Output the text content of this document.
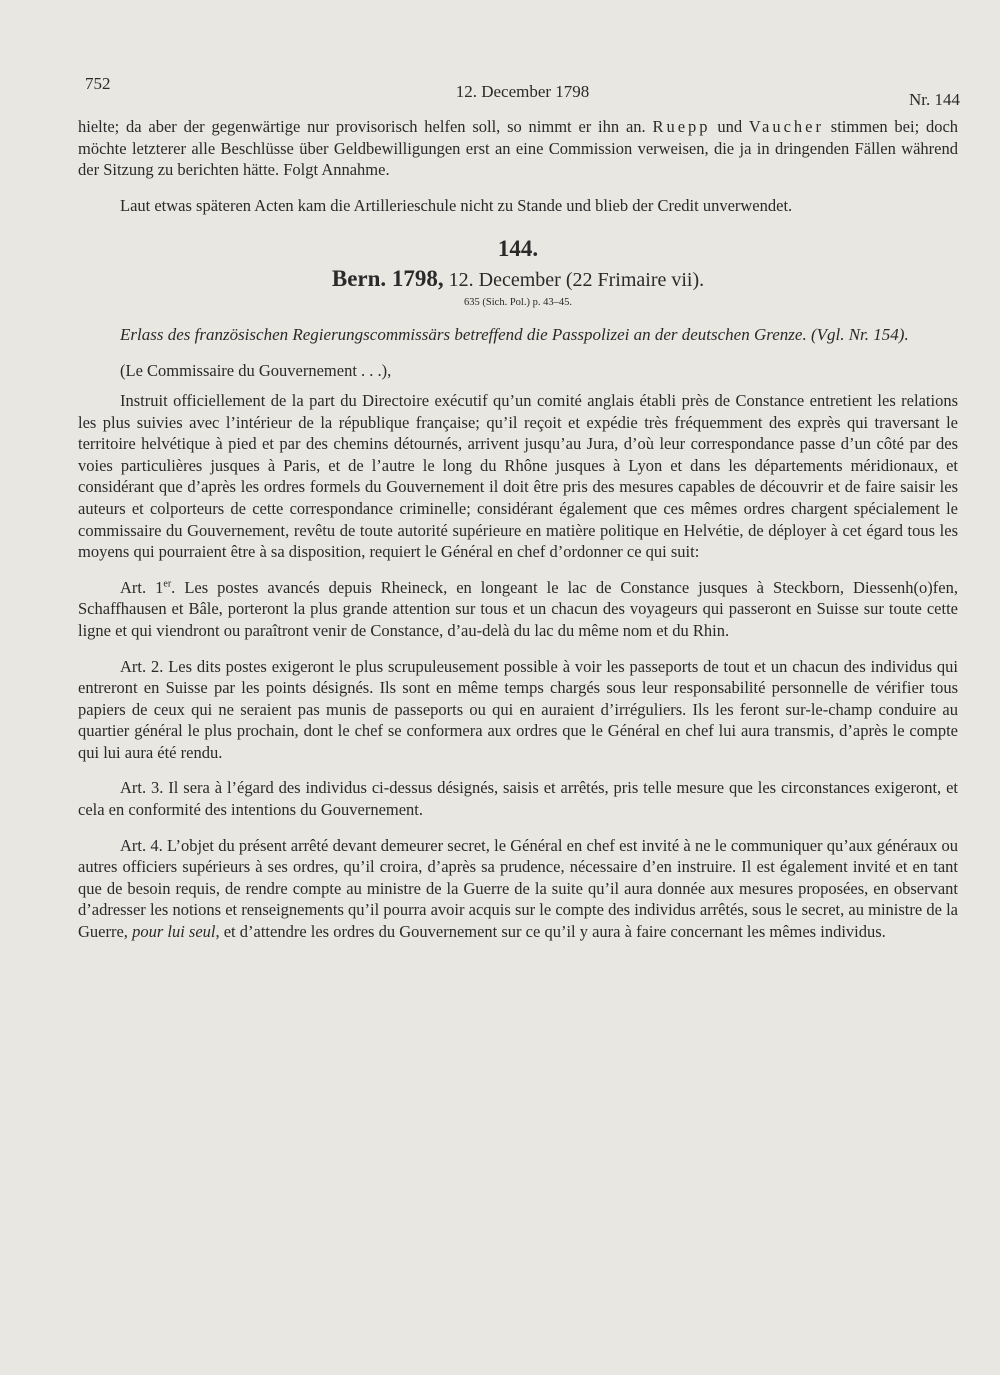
752	12. December 1798	Nr. 144

hielte; da aber der gegenwärtige nur provisorisch helfen soll, so nimmt er ihn an. Ruepp und Vaucher stimmen bei; doch möchte letzterer alle Beschlüsse über Geldbewilligungen erst an eine Commission verweisen, die ja in dringenden Fällen während der Sitzung zu berichten hätte. Folgt Annahme.

Laut etwas späteren Acten kam die Artillerieschule nicht zu Stande und blieb der Credit unverwendet.

144.
Bern. 1798, 12. December (22 Frimaire vii).
635 (Sich. Pol.) p. 43–45.

Erlass des französischen Regierungscommissärs betreffend die Passpolizei an der deutschen Grenze. (Vgl. Nr. 154).

(Le Commissaire du Gouvernement . . .),

Instruit officiellement de la part du Directoire exécutif qu’un comité anglais établi près de Constance entretient les relations les plus suivies avec l’intérieur de la république française; qu’il reçoit et expédie très fréquemment des exprès qui traversant le territoire helvétique à pied et par des chemins détournés, arrivent jusqu’au Jura, d’où leur correspondance passe d’un côté par des voies particulières jusques à Paris, et de l’autre le long du Rhône jusques à Lyon et dans les départements méridionaux, et considérant que d’après les ordres formels du Gouvernement il doit être pris des mesures capables de découvrir et de faire saisir les auteurs et colporteurs de cette correspondance criminelle; considérant également que ces mêmes ordres chargent spécialement le commissaire du Gouvernement, revêtu de toute autorité supérieure en matière politique en Helvétie, de déployer à cet égard tous les moyens qui pourraient être à sa disposition, requiert le Général en chef d’ordonner ce qui suit:

Art. 1er. Les postes avancés depuis Rheineck, en longeant le lac de Constance jusques à Steckborn, Diessenh(o)fen, Schaffhausen et Bâle, porteront la plus grande attention sur tous et un chacun des voyageurs qui passeront en Suisse sur toute cette ligne et qui viendront ou paraîtront venir de Constance, d’au-delà du lac du même nom et du Rhin.

Art. 2. Les dits postes exigeront le plus scrupuleusement possible à voir les passeports de tout et un chacun des individus qui entreront en Suisse par les points désignés. Ils sont en même temps chargés sous leur responsabilité personnelle de vérifier tous papiers de ceux qui ne seraient pas munis de passeports ou qui en auraient d’irréguliers. Ils les feront sur-le-champ conduire au quartier général le plus prochain, dont le chef se conformera aux ordres que le Général en chef lui aura transmis, d’après le compte qui lui aura été rendu.

Art. 3. Il sera à l’égard des individus ci-dessus désignés, saisis et arrêtés, pris telle mesure que les circonstances exigeront, et cela en conformité des intentions du Gouvernement.

Art. 4. L’objet du présent arrêté devant demeurer secret, le Général en chef est invité à ne le communiquer qu’aux généraux ou autres officiers supérieurs à ses ordres, qu’il croira, d’après sa prudence, nécessaire d’en instruire. Il est également invité et en tant que de besoin requis, de rendre compte au ministre de la Guerre de la suite qu’il aura donnée aux mesures proposées, en observant d’adresser les notions et renseignements qu’il pourra avoir acquis sur le compte des individus arrêtés, sous le secret, au ministre de la Guerre, pour lui seul, et d’attendre les ordres du Gouvernement sur ce qu’il y aura à faire concernant les mêmes individus.
